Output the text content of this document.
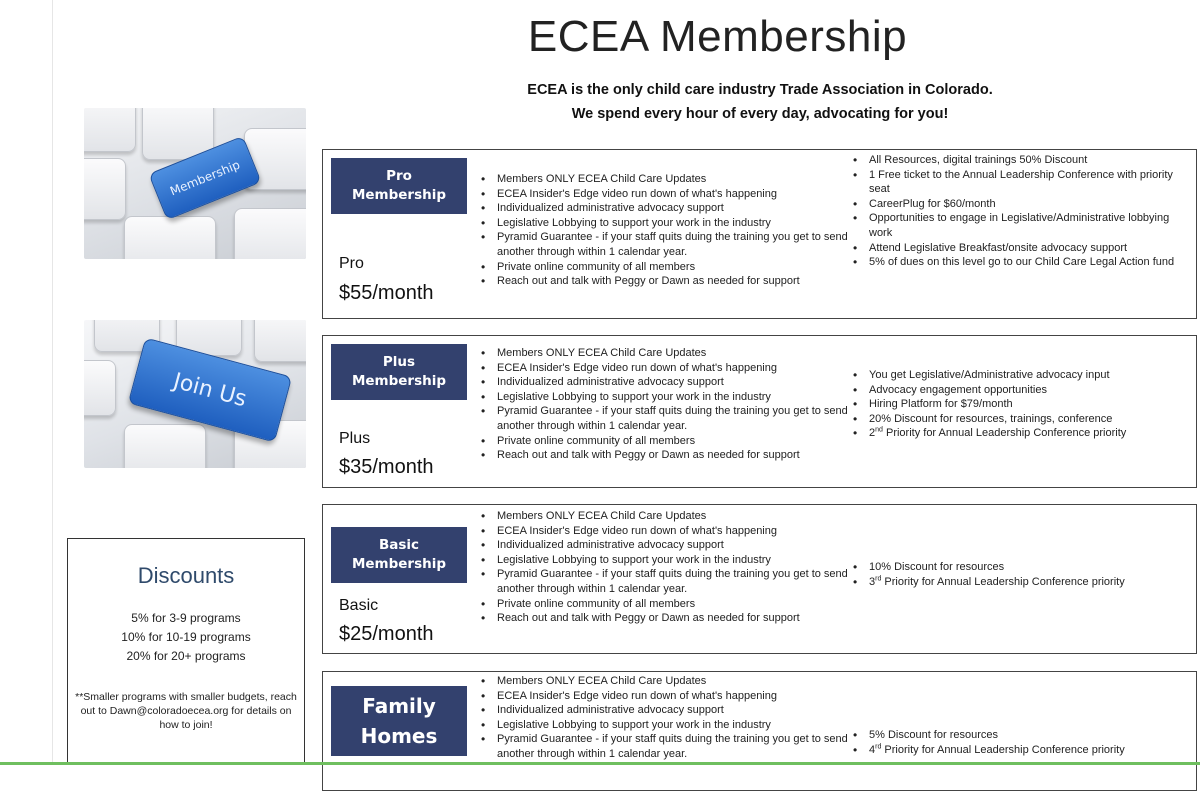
ECEA Membership
ECEA is the only child care industry Trade Association in Colorado.
We spend every hour of every day, advocating for you!
Membership
Join Us
Discounts
5% for 3-9 programs
10% for 10-19 programs
20% for 20+ programs
**Smaller programs with smaller budgets, reach out to Dawn@coloradoecea.org for details on how to join!
Pro
Membership
Pro
$55/month
• Members ONLY ECEA Child Care Updates
• ECEA Insider's Edge video run down of what's happening
• Individualized administrative advocacy support
• Legislative Lobbying to support your work in the industry
• Pyramid Guarantee - if your staff quits duing the training you get to send another through within 1 calendar year.
• Private online community of all members
• Reach out and talk with Peggy or Dawn as needed for support
• All Resources, digital trainings 50% Discount
• 1 Free ticket to the Annual Leadership Conference with priority seat
• CareerPlug for $60/month
• Opportunities to engage in Legislative/Administrative lobbying work
• Attend Legislative Breakfast/onsite advocacy support
• 5% of dues on this level go to our Child Care Legal Action fund
Plus
Membership
Plus
$35/month
• Members ONLY ECEA Child Care Updates
• ECEA Insider's Edge video run down of what's happening
• Individualized administrative advocacy support
• Legislative Lobbying to support your work in the industry
• Pyramid Guarantee - if your staff quits duing the training you get to send another through within 1 calendar year.
• Private online community of all members
• Reach out and talk with Peggy or Dawn as needed for support
• You get Legislative/Administrative advocacy input
• Advocacy engagement opportunities
• Hiring Platform for $79/month
• 20% Discount for resources, trainings, conference
• 2nd Priority for Annual Leadership Conference priority
Basic
Membership
Basic
$25/month
• Members ONLY ECEA Child Care Updates
• ECEA Insider's Edge video run down of what's happening
• Individualized administrative advocacy support
• Legislative Lobbying to support your work in the industry
• Pyramid Guarantee - if your staff quits duing the training you get to send another through within 1 calendar year.
• Private online community of all members
• Reach out and talk with Peggy or Dawn as needed for support
• 10% Discount for resources
• 3rd Priority for Annual Leadership Conference priority
Family
Homes
• Members ONLY ECEA Child Care Updates
• ECEA Insider's Edge video run down of what's happening
• Individualized administrative advocacy support
• Legislative Lobbying to support your work in the industry
• Pyramid Guarantee - if your staff quits duing the training you get to send another through within 1 calendar year.
• 5% Discount for resources
• 4rd Priority for Annual Leadership Conference priority
